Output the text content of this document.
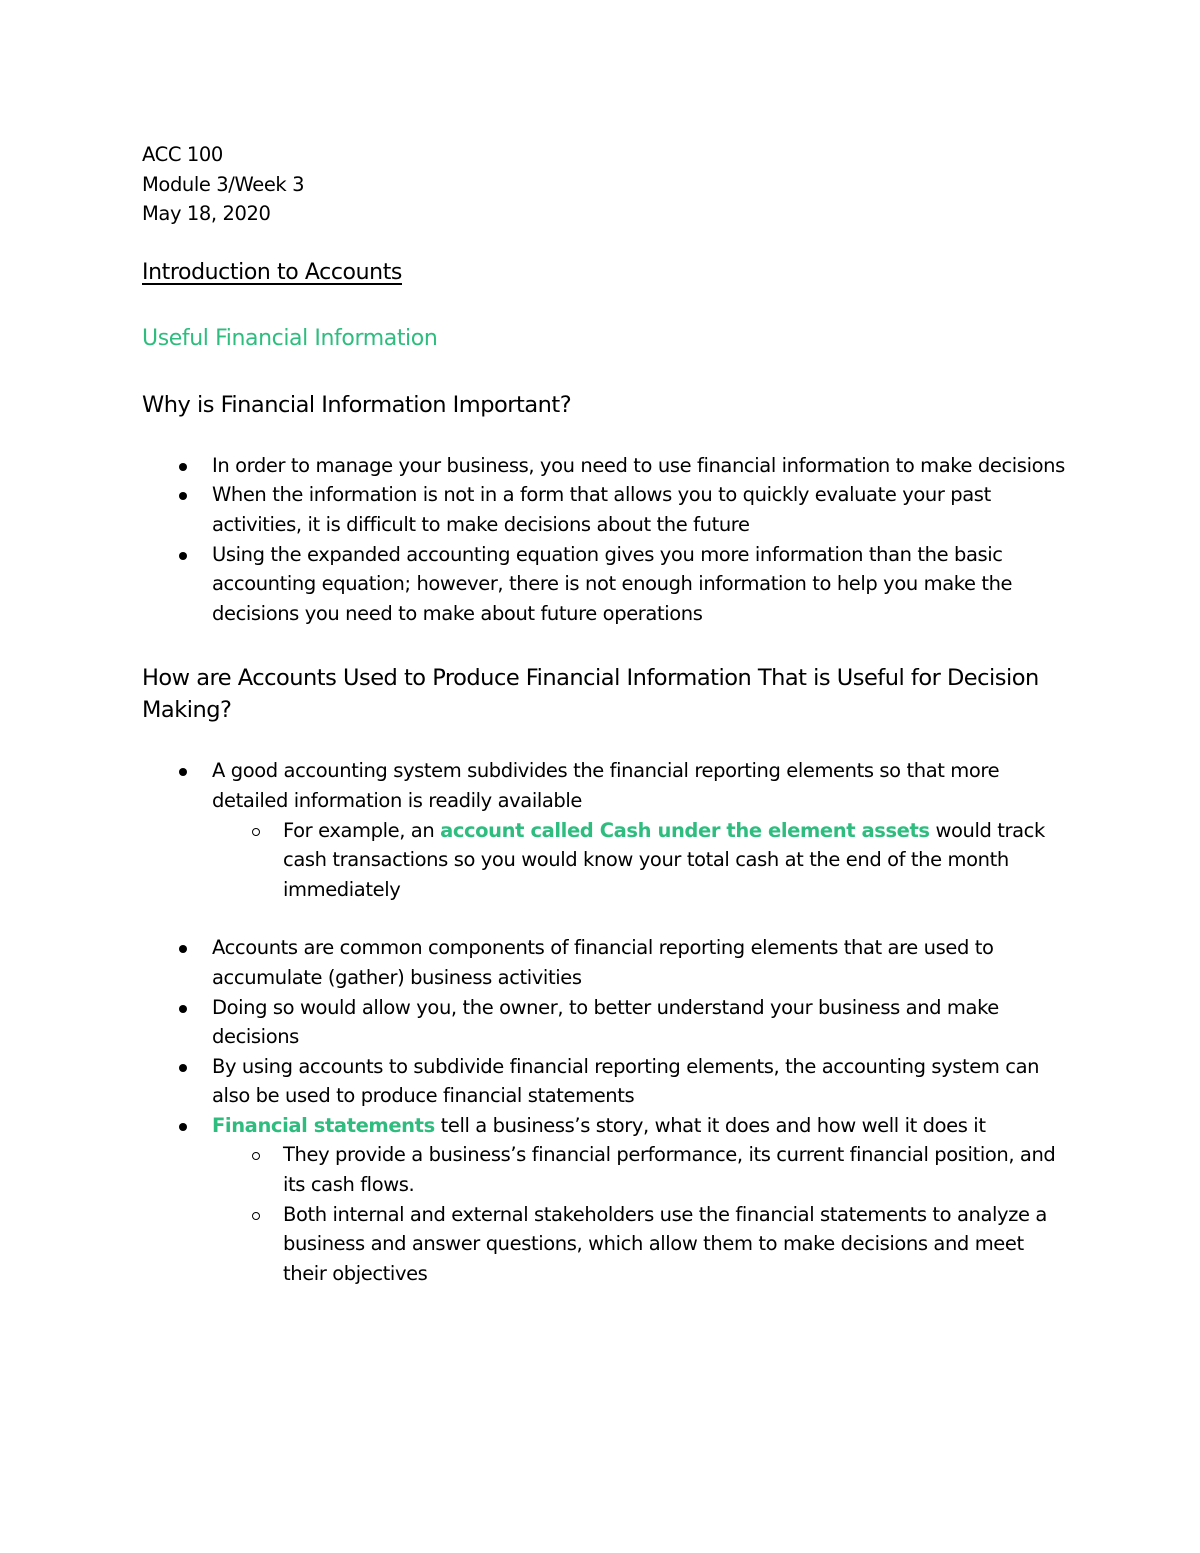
ACC 100

Module 3/Week 3

May 18, 2020

Introduction to Accounts
Useful Financial Information
Why is Financial Information Important?
In order to manage your business, you need to use financial information to make decisions
When the information is not in a form that allows you to quickly evaluate your past activities, it is difficult to make decisions about the future
Using the expanded accounting equation gives you more information than the basic accounting equation; however, there is not enough information to help you make the decisions you need to make about future operations
How are Accounts Used to Produce Financial Information That is Useful for Decision Making?
A good accounting system subdivides the financial reporting elements so that more detailed information is readily available
For example, an account called Cash under the element assets would track cash transactions so you would know your total cash at the end of the month immediately
Accounts are common components of financial reporting elements that are used to accumulate (gather) business activities
Doing so would allow you, the owner, to better understand your business and make decisions
By using accounts to subdivide financial reporting elements, the accounting system can also be used to produce financial statements
Financial statements tell a business’s story, what it does and how well it does it
They provide a business’s financial performance, its current financial position, and its cash flows.
Both internal and external stakeholders use the financial statements to analyze a business and answer questions, which allow them to make decisions and meet their objectives
